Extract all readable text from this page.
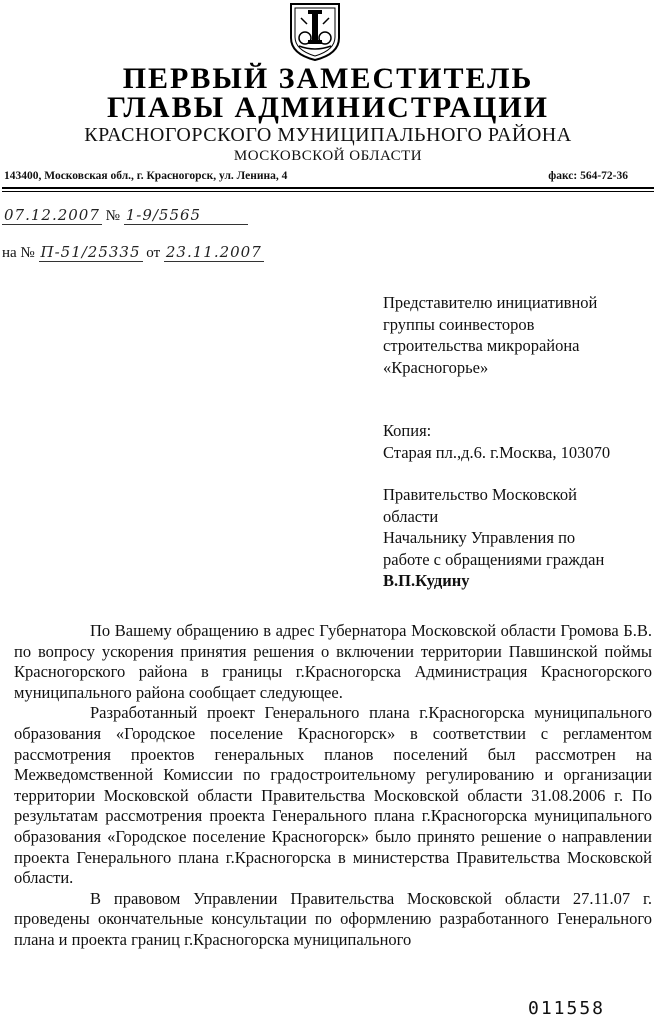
ПЕРВЫЙ ЗАМЕСТИТЕЛЬ
ГЛАВЫ АДМИНИСТРАЦИИ
КРАСНОГОРСКОГО МУНИЦИПАЛЬНОГО РАЙОНА
МОСКОВСКОЙ ОБЛАСТИ
143400, Московская обл., г. Красногорск, ул. Ленина, 4	факс: 564-72-36
07.12.2007 № 1-9/5565
на № П-51/25335 от 23.11.2007

Представителю инициативной

группы соинвесторов

строительства микрорайона

«Красногорье»

Копия:

Старая пл.,д.6. г.Москва, 103070

Правительство Московской

области

Начальнику Управления по

работе с обращениями граждан

В.П.Кудину

По Вашему обращению в адрес Губернатора Московской области Громова Б.В. по вопросу ускорения принятия решения о включении территории Павшинской поймы Красногорского района в границы г.Красногорска Администрация Красногорского муниципального района сообщает следующее.

Разработанный проект Генерального плана г.Красногорска муниципального образования «Городское поселение Красногорск» в соответствии с регламентом рассмотрения проектов генеральных планов поселений был рассмотрен на Межведомственной Комиссии по градостроительному регулированию и организации территории Московской области Правительства Московской области 31.08.2006 г. По результатам рассмотрения проекта Генерального плана г.Красногорска муниципального образования «Городское поселение Красногорск» было принято решение о направлении проекта Генерального плана г.Красногорска в министерства Правительства Московской области.

В правовом Управлении Правительства Московской области 27.11.07 г. проведены окончательные консультации по оформлению разработанного Генерального плана и проекта границ г.Красногорска муниципального

011558
